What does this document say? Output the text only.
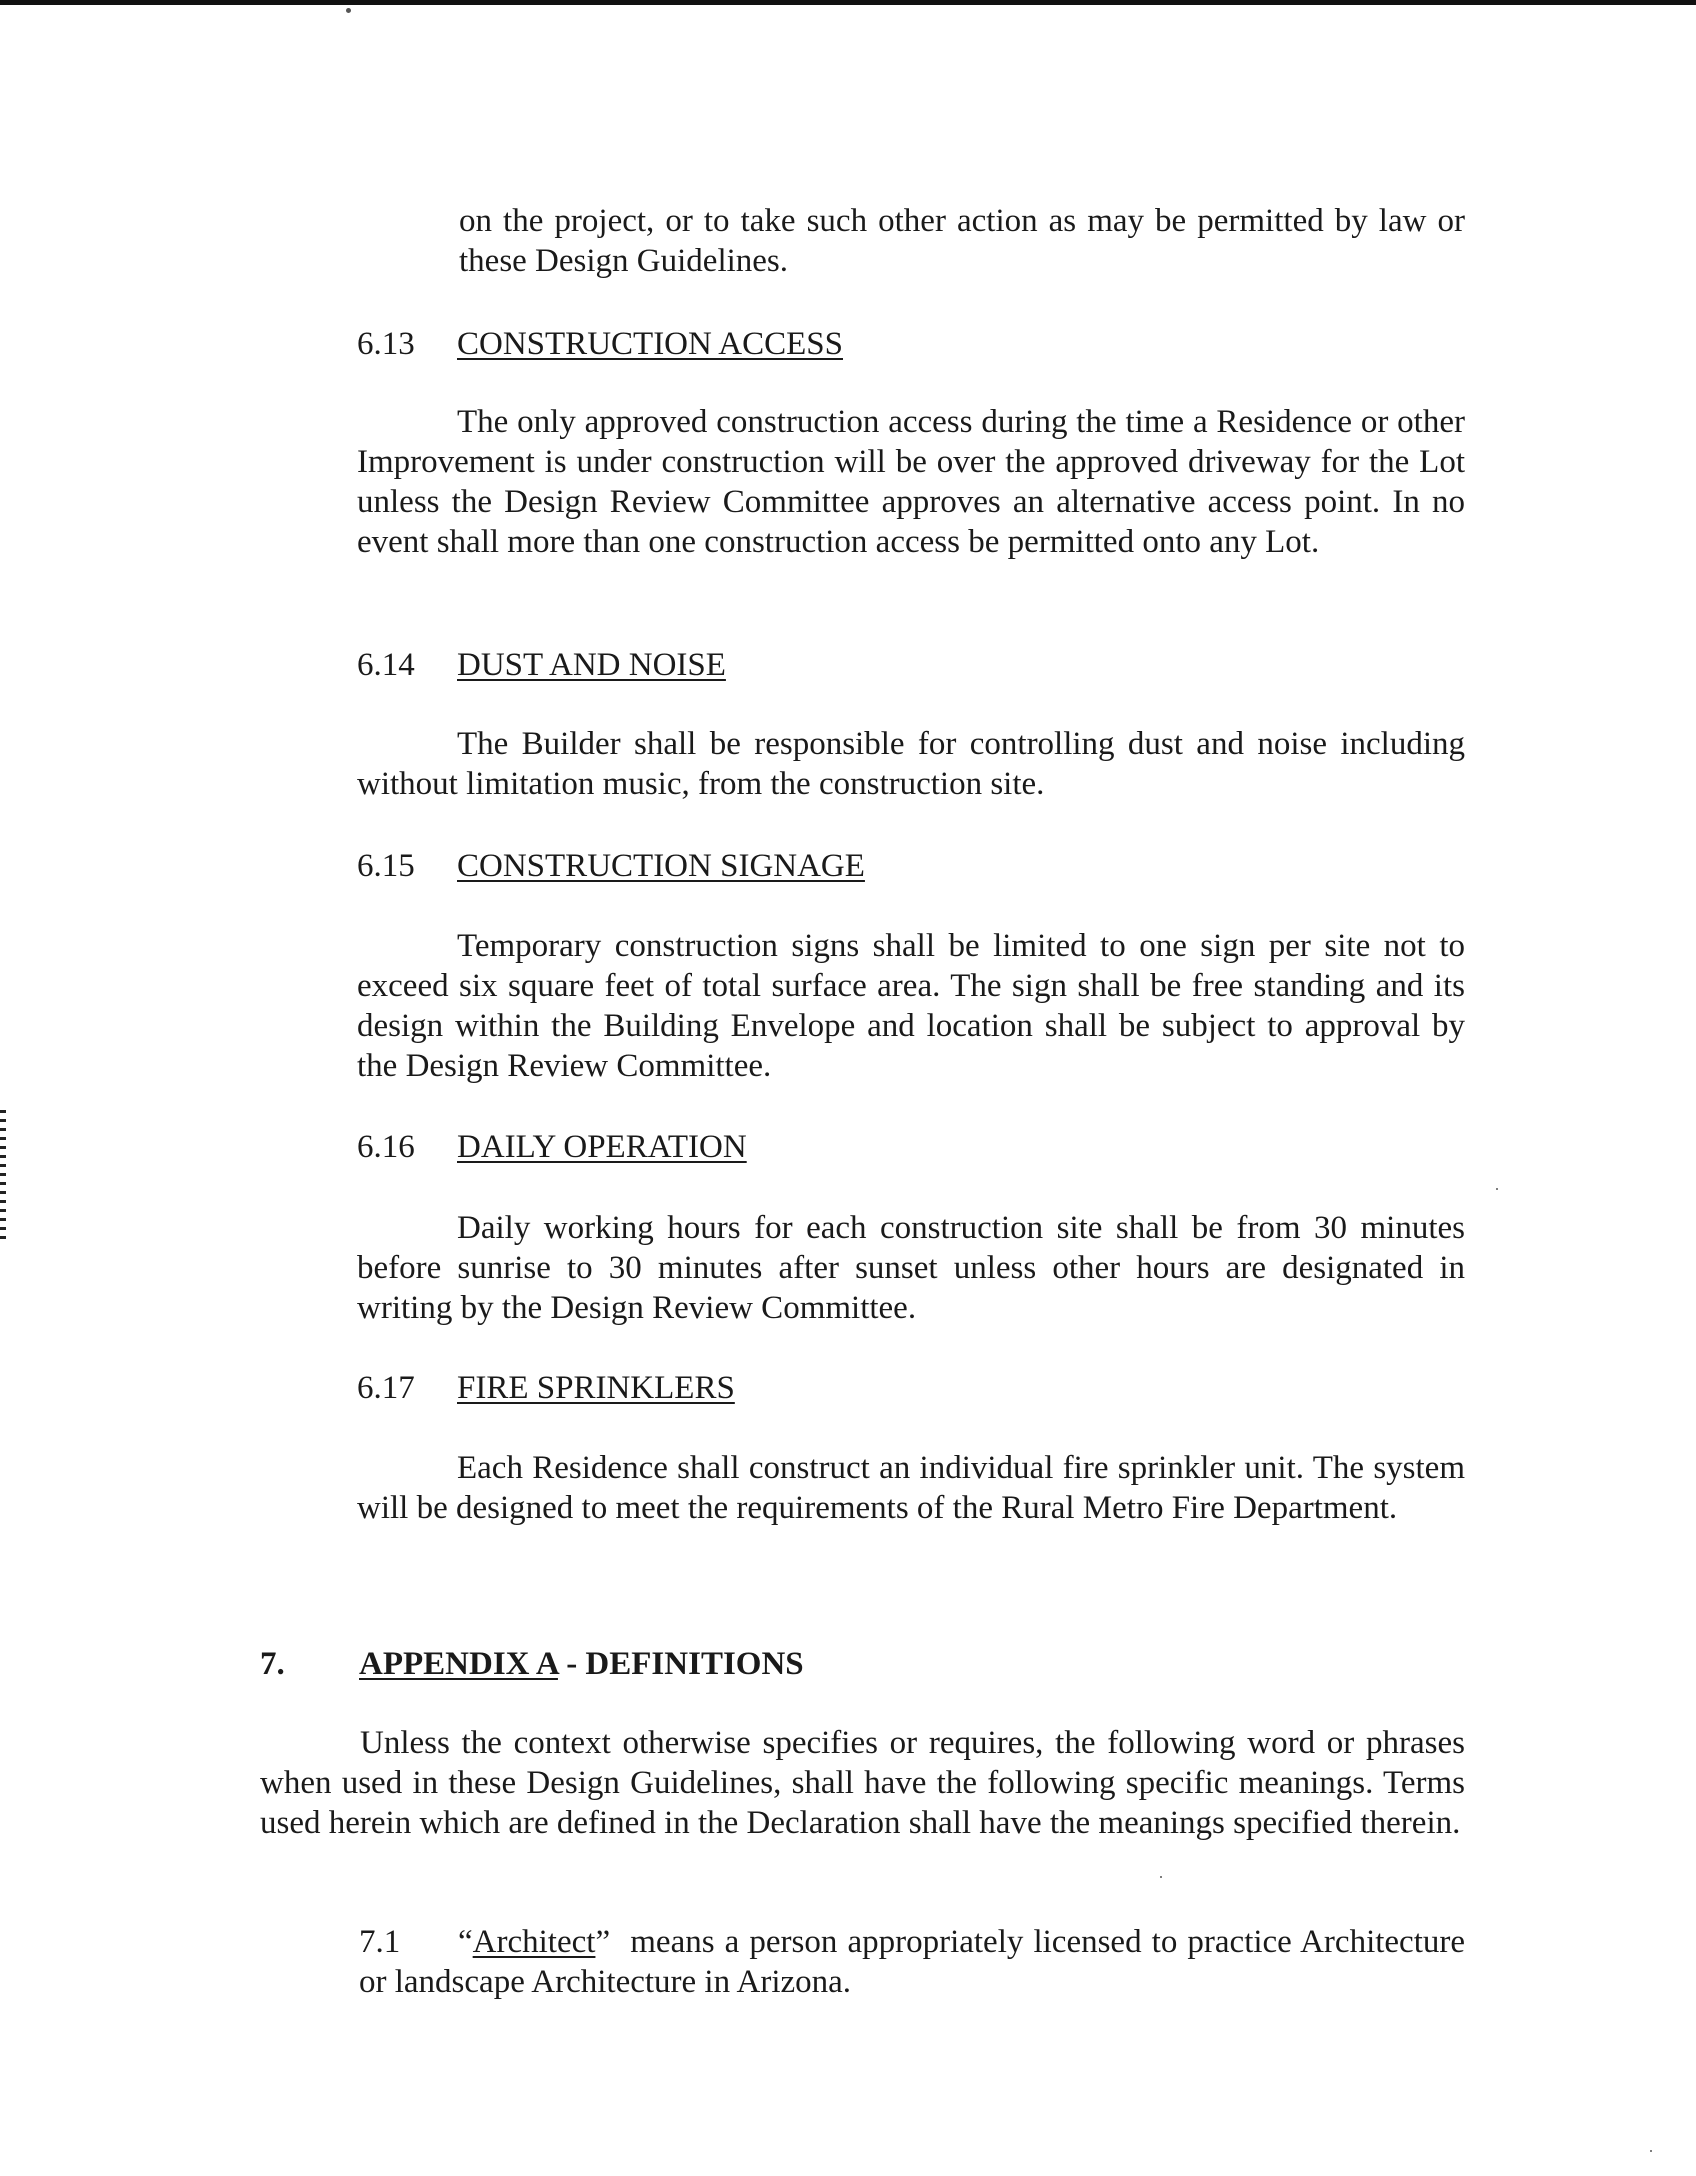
on the project, or to take such other action as may be permitted by law or these Design Guidelines.
6.13 CONSTRUCTION ACCESS
The only approved construction access during the time a Residence or other Improvement is under construction will be over the approved driveway for the Lot unless the Design Review Committee approves an alternative access point. In no event shall more than one construction access be permitted onto any Lot.
6.14 DUST AND NOISE
The Builder shall be responsible for controlling dust and noise including without limitation music, from the construction site.
6.15 CONSTRUCTION SIGNAGE
Temporary construction signs shall be limited to one sign per site not to exceed six square feet of total surface area. The sign shall be free standing and its design within the Building Envelope and location shall be subject to approval by the Design Review Committee.
6.16 DAILY OPERATION
Daily working hours for each construction site shall be from 30 minutes before sunrise to 30 minutes after sunset unless other hours are designated in writing by the Design Review Committee.
6.17 FIRE SPRINKLERS
Each Residence shall construct an individual fire sprinkler unit. The system will be designed to meet the requirements of the Rural Metro Fire Department.
7. APPENDIX A - DEFINITIONS
Unless the context otherwise specifies or requires, the following word or phrases when used in these Design Guidelines, shall have the following specific meanings. Terms used herein which are defined in the Declaration shall have the meanings specified therein.
7.1 “Architect”  means a person appropriately licensed to practice Architecture or landscape Architecture in Arizona.
